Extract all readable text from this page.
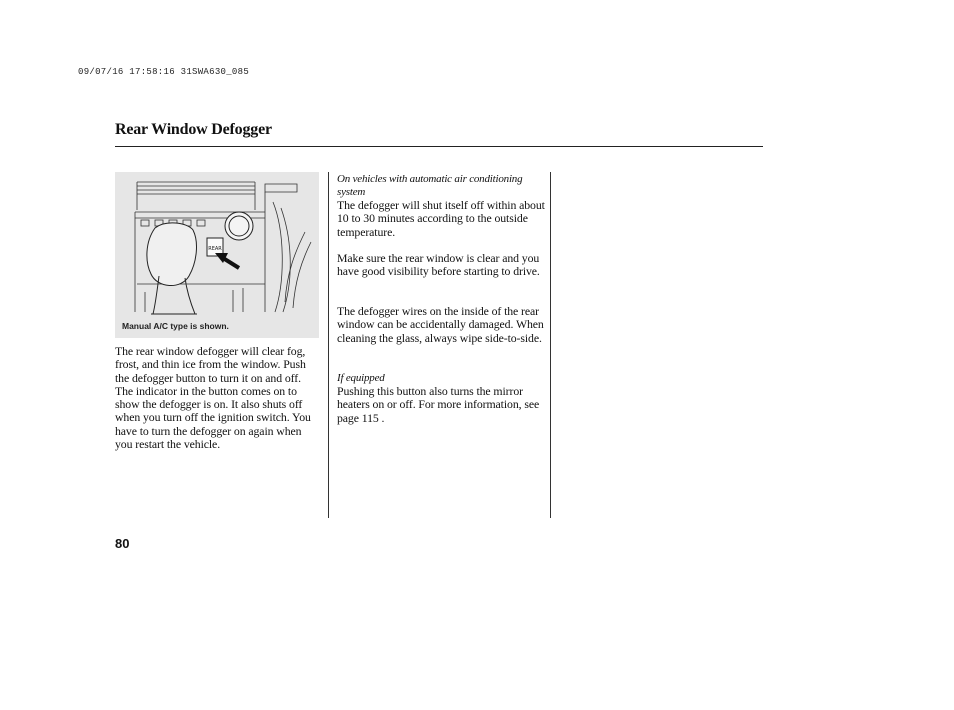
09/07/16 17:58:16 31SWA630_085
Rear Window Defogger
REAR
Manual A/C type is shown.

The rear window defogger will clear fog, frost, and thin ice from the window. Push the defogger button to turn it on and off. The indicator in the button comes on to show the defogger is on. It also shuts off when you turn off the ignition switch. You have to turn the defogger on again when you restart the vehicle.

On vehicles with automatic air conditioning system

The defogger will shut itself off within about 10 to 30 minutes according to the outside temperature.

Make sure the rear window is clear and you have good visibility before starting to drive.

The defogger wires on the inside of the rear window can be accidentally damaged. When cleaning the glass, always wipe side-to-side.

If equipped

Pushing this button also turns the mirror heaters on or off. For more information, see page 115 .

80
